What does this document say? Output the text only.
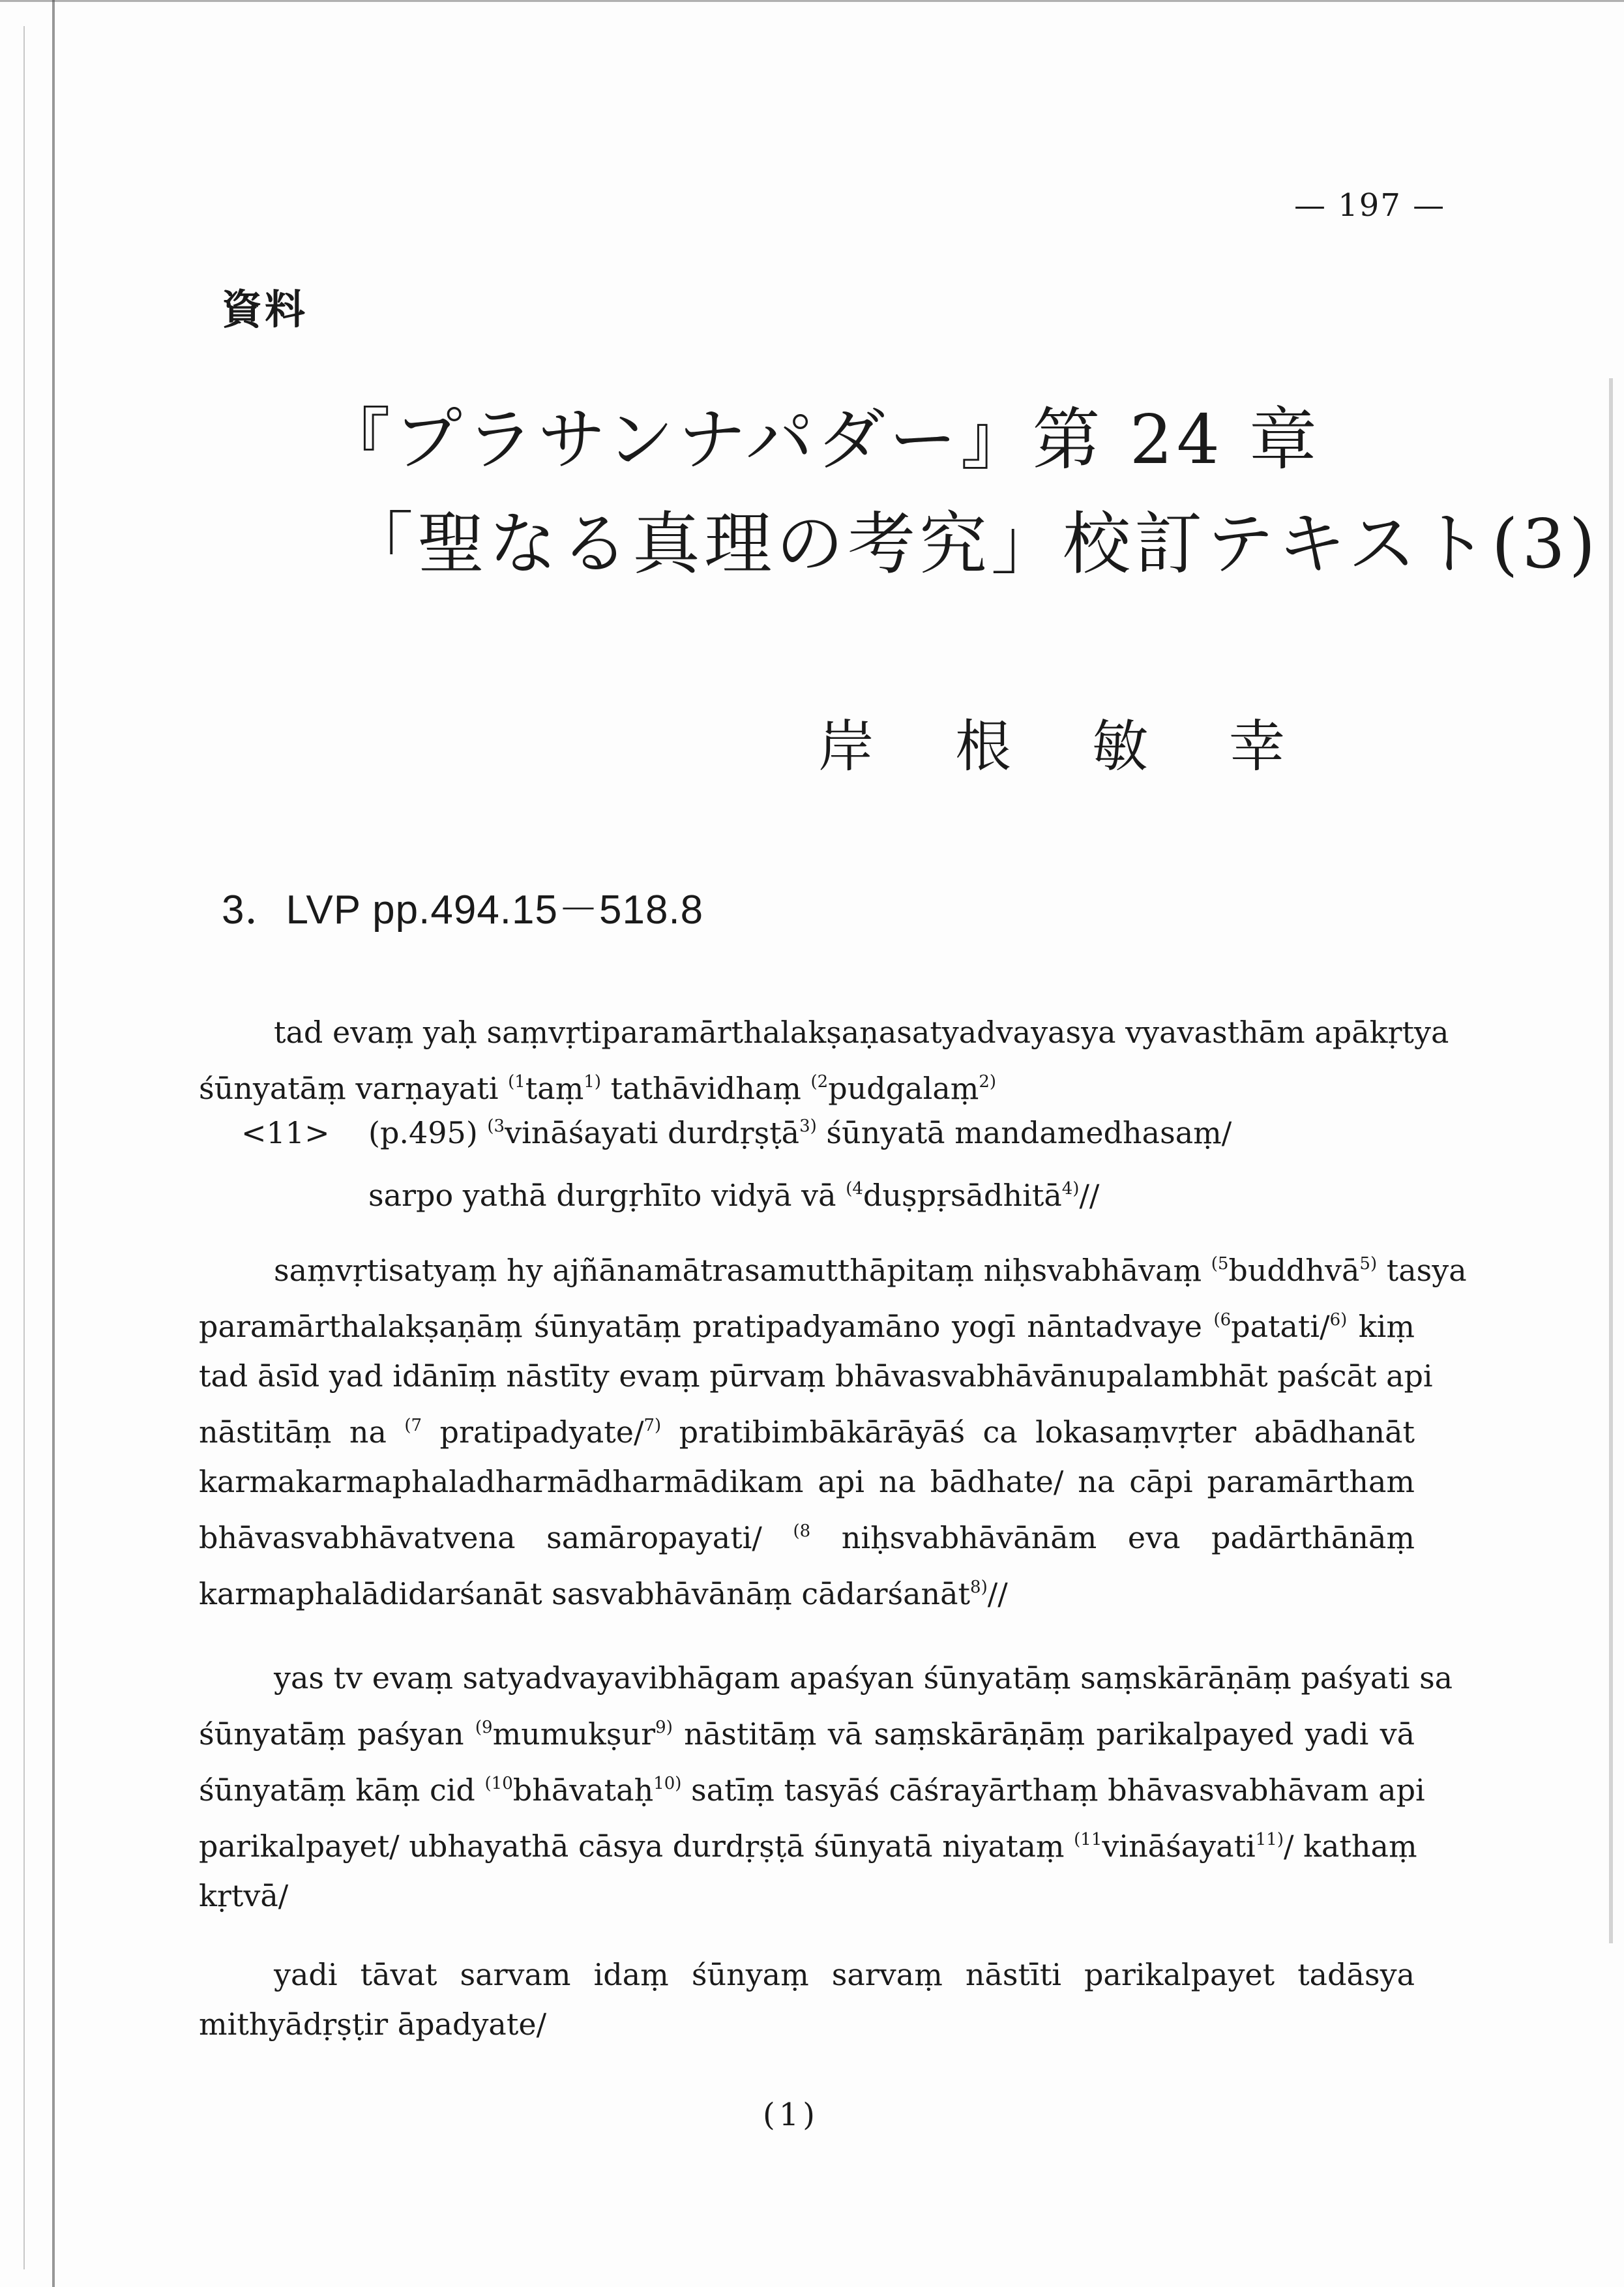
— 197 —
資料
『プラサンナパダー』第 24 章
「聖なる真理の考究」校訂テキスト(3)
岸 根 敏 幸
3．LVP pp.494.15－518.8
tad evaṃ yaḥ saṃvṛtiparamārthalakṣaṇasatyadvayasya vyavasthām apākṛtya
śūnyatāṃ varṇayati $^{(1}$taṃ$^{1)}$ tathāvidhaṃ $^{(2}$pudgalaṃ$^{2)}$
<11> (p.495) $^{(3}$vināśayati durdṛṣṭā$^{3)}$ śūnyatā mandamedhasaṃ/
sarpo yathā durgṛhīto vidyā vā $^{(4}$duṣpṛsādhitā$^{4)}$//
saṃvṛtisatyaṃ hy ajñānamātrasamutthāpitaṃ niḥsvabhāvaṃ $^{(5}$buddhvā$^{5)}$ tasya
paramārthalakṣaṇāṃ śūnyatāṃ pratipadyamāno yogī nāntadvaye $^{(6}$patati/$^{6)}$ kiṃ
tad āsīd yad idānīṃ nāstīty evaṃ pūrvaṃ bhāvasvabhāvānupalambhāt paścāt api
nāstitāṃ na $^{(7}$ pratipadyate/$^{7)}$ pratibimbākārāyāś ca lokasaṃvṛter abādhanāt
karmakarmaphaladharmādharmādikam api na bādhate/ na cāpi paramārtham
bhāvasvabhāvatvena samāropayati/ $^{(8}$ niḥsvabhāvānām eva padārthānāṃ
karmaphalādidarśanāt sasvabhāvānāṃ cādarśanāt$^{8)}$//
yas tv evaṃ satyadvayavibhāgam apaśyan śūnyatāṃ saṃskārāṇāṃ paśyati sa
śūnyatāṃ paśyan $^{(9}$mumukṣur$^{9)}$ nāstitāṃ vā saṃskārāṇāṃ parikalpayed yadi vā
śūnyatāṃ kāṃ cid $^{(10}$bhāvataḥ$^{10)}$ satīṃ tasyāś cāśrayārthaṃ bhāvasvabhāvam api
parikalpayet/ ubhayathā cāsya durdṛṣṭā śūnyatā niyataṃ $^{(11}$vināśayati$^{11)}$/ kathaṃ
kṛtvā/
yadi tāvat sarvam idaṃ śūnyaṃ sarvaṃ nāstīti parikalpayet tadāsya
mithyādṛṣṭir āpadyate/
(1)
